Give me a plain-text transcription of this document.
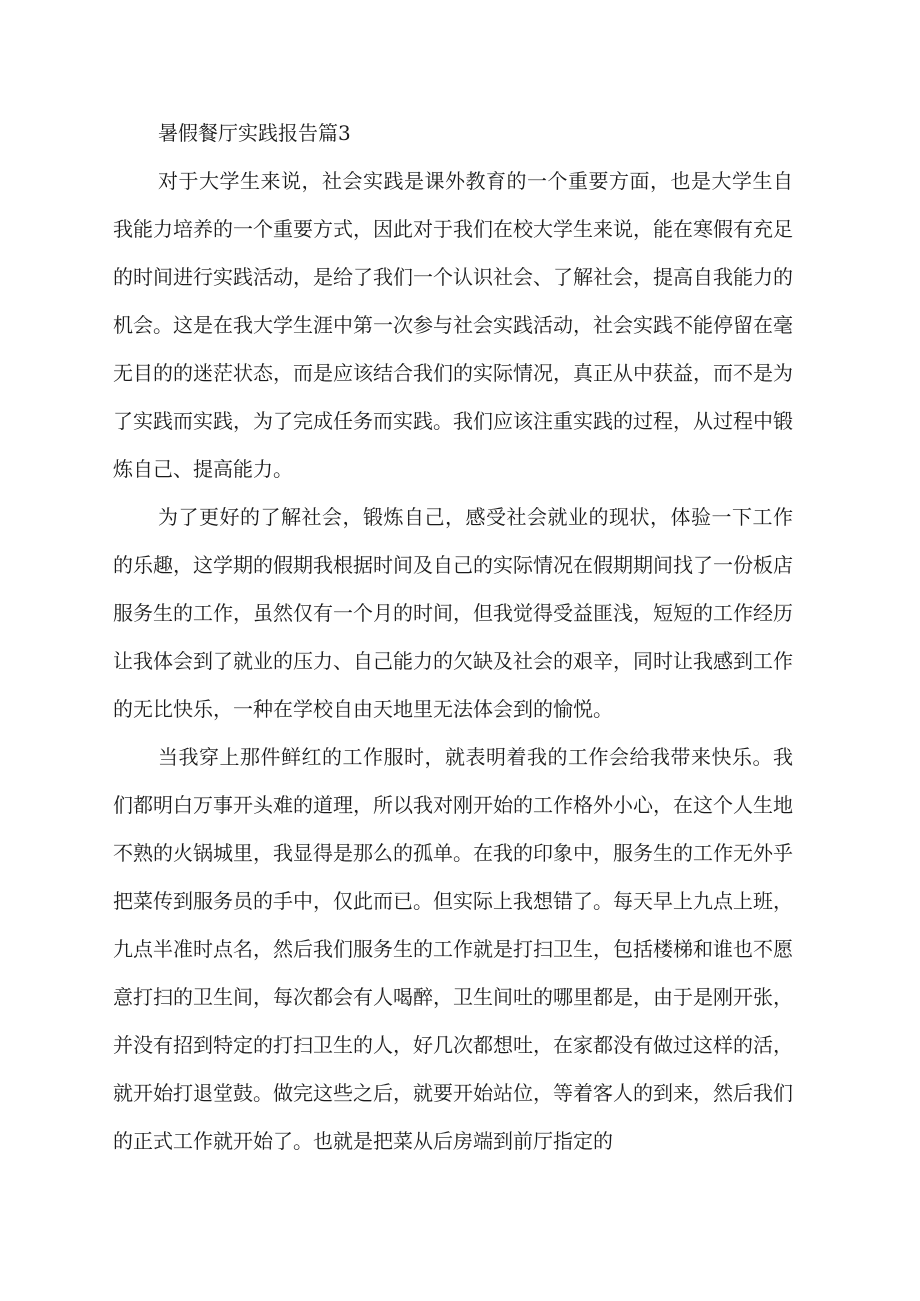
暑假餐厅实践报告篇3

对于大学生来说，社会实践是课外教育的一个重要方面，也是大学生自我能力培养的一个重要方式，因此对于我们在校大学生来说，能在寒假有充足的时间进行实践活动，是给了我们一个认识社会、了解社会，提高自我能力的机会。这是在我大学生涯中第一次参与社会实践活动，社会实践不能停留在毫无目的的迷茫状态，而是应该结合我们的实际情况，真正从中获益，而不是为了实践而实践，为了完成任务而实践。我们应该注重实践的过程，从过程中锻炼自己、提高能力。

为了更好的了解社会，锻炼自己，感受社会就业的现状，体验一下工作的乐趣，这学期的假期我根据时间及自己的实际情况在假期期间找了一份板店服务生的工作，虽然仅有一个月的时间，但我觉得受益匪浅，短短的工作经历让我体会到了就业的压力、自己能力的欠缺及社会的艰辛，同时让我感到工作的无比快乐，一种在学校自由天地里无法体会到的愉悦。

当我穿上那件鲜红的工作服时，就表明着我的工作会给我带来快乐。我们都明白万事开头难的道理，所以我对刚开始的工作格外小心，在这个人生地不熟的火锅城里，我显得是那么的孤单。在我的印象中，服务生的工作无外乎把菜传到服务员的手中，仅此而已。但实际上我想错了。每天早上九点上班，九点半准时点名，然后我们服务生的工作就是打扫卫生，包括楼梯和谁也不愿意打扫的卫生间，每次都会有人喝醉，卫生间吐的哪里都是，由于是刚开张，并没有招到特定的打扫卫生的人，好几次都想吐，在家都没有做过这样的活，就开始打退堂鼓。做完这些之后，就要开始站位，等着客人的到来，然后我们的正式工作就开始了。也就是把菜从后房端到前厅指定的
